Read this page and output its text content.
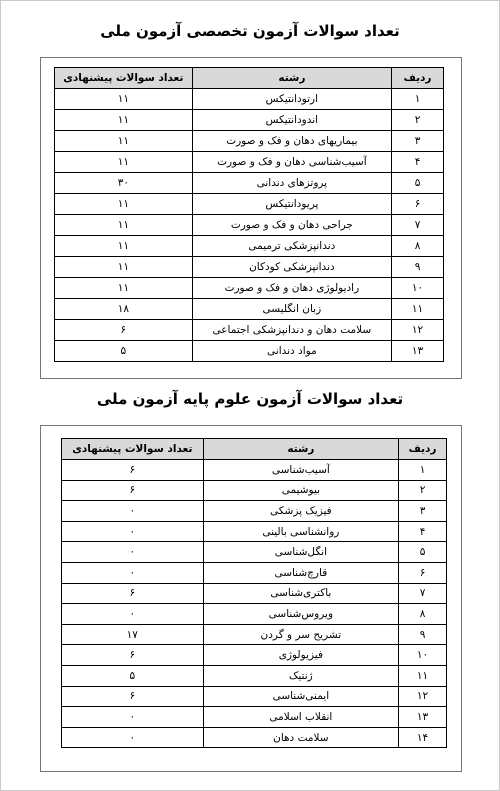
تعداد سوالات آزمون تخصصی آزمون ملی
ردیف	رشته	تعداد سوالات پیشنهادی
۱	ارتودانتیکس	۱۱
۲	اندودانتیکس	۱۱
۳	بیماریهای دهان و فک و صورت	۱۱
۴	آسیب‌شناسی دهان و فک و صورت	۱۱
۵	پروتزهای دندانی	۳۰
۶	پریودانتیکس	۱۱
۷	جراحی دهان و فک و صورت	۱۱
۸	دندانپزشکی ترمیمی	۱۱
۹	دندانپزشکی کودکان	۱۱
۱۰	رادیولوژی دهان و فک و صورت	۱۱
۱۱	زبان انگلیسی	۱۸
۱۲	سلامت دهان و دندانپزشکی اجتماعی	۶
۱۳	مواد دندانی	۵
تعداد سوالات آزمون علوم پایه آزمون ملی
ردیف	رشته	تعداد سوالات پیشنهادی
۱	آسیب‌شناسی	۶
۲	بیوشیمی	۶
۳	فیزیک پزشکی	۰
۴	روانشناسی بالینی	۰
۵	انگل‌شناسی	۰
۶	قارچ‌شناسی	۰
۷	باکتری‌شناسی	۶
۸	ویروس‌شناسی	۰
۹	تشریح سر و گردن	۱۷
۱۰	فیزیولوژی	۶
۱۱	ژنتیک	۵
۱۲	ایمنی‌شناسی	۶
۱۳	انقلاب اسلامی	۰
۱۴	سلامت دهان	۰
